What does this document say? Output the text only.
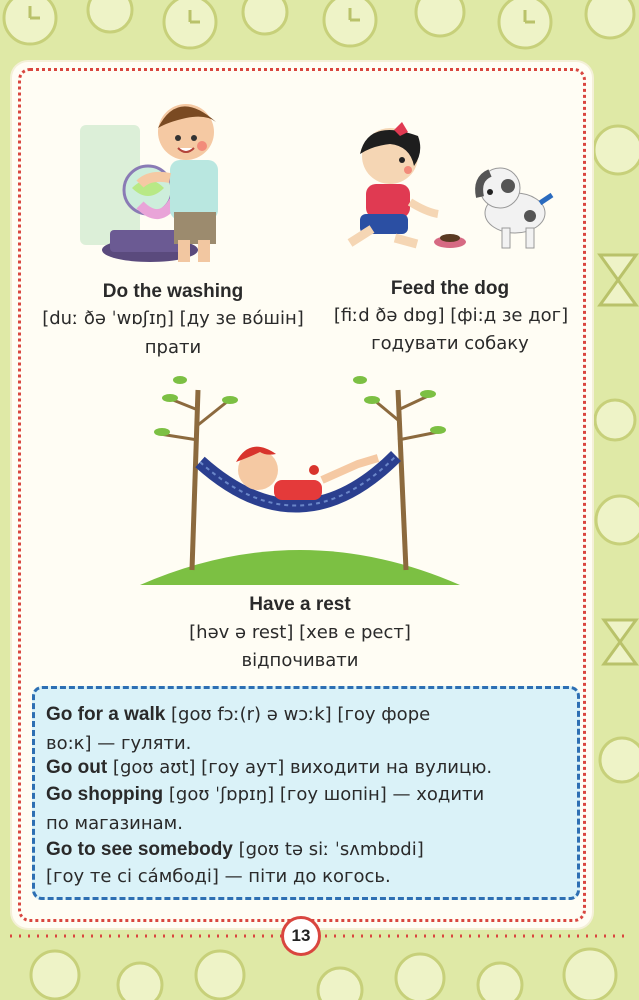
Do the washing
[duː ðə ˈwɒʃɪŋ] [ду зе во́шін]
прати
Feed the dog
[fiːd ðə dɒg] [фі:д зе дог]
годувати собаку
Have a rest
[həv ə rest] [хев е рест]
відпочивати
Go for a walk [goʊ fɔː(r) ə wɔːk] [гоу форе
во:к] — гуляти.
Go out [goʊ aʊt] [гоу аут] виходити на вулицю.
Go shopping [goʊ ˈʃɒpɪŋ] [гоу шопін] — ходити
по магазинам.
Go to see somebody [goʊ tə siː ˈsʌmbɒdi]
[гоу те сі са́мбоді] — піти до когось.
13
